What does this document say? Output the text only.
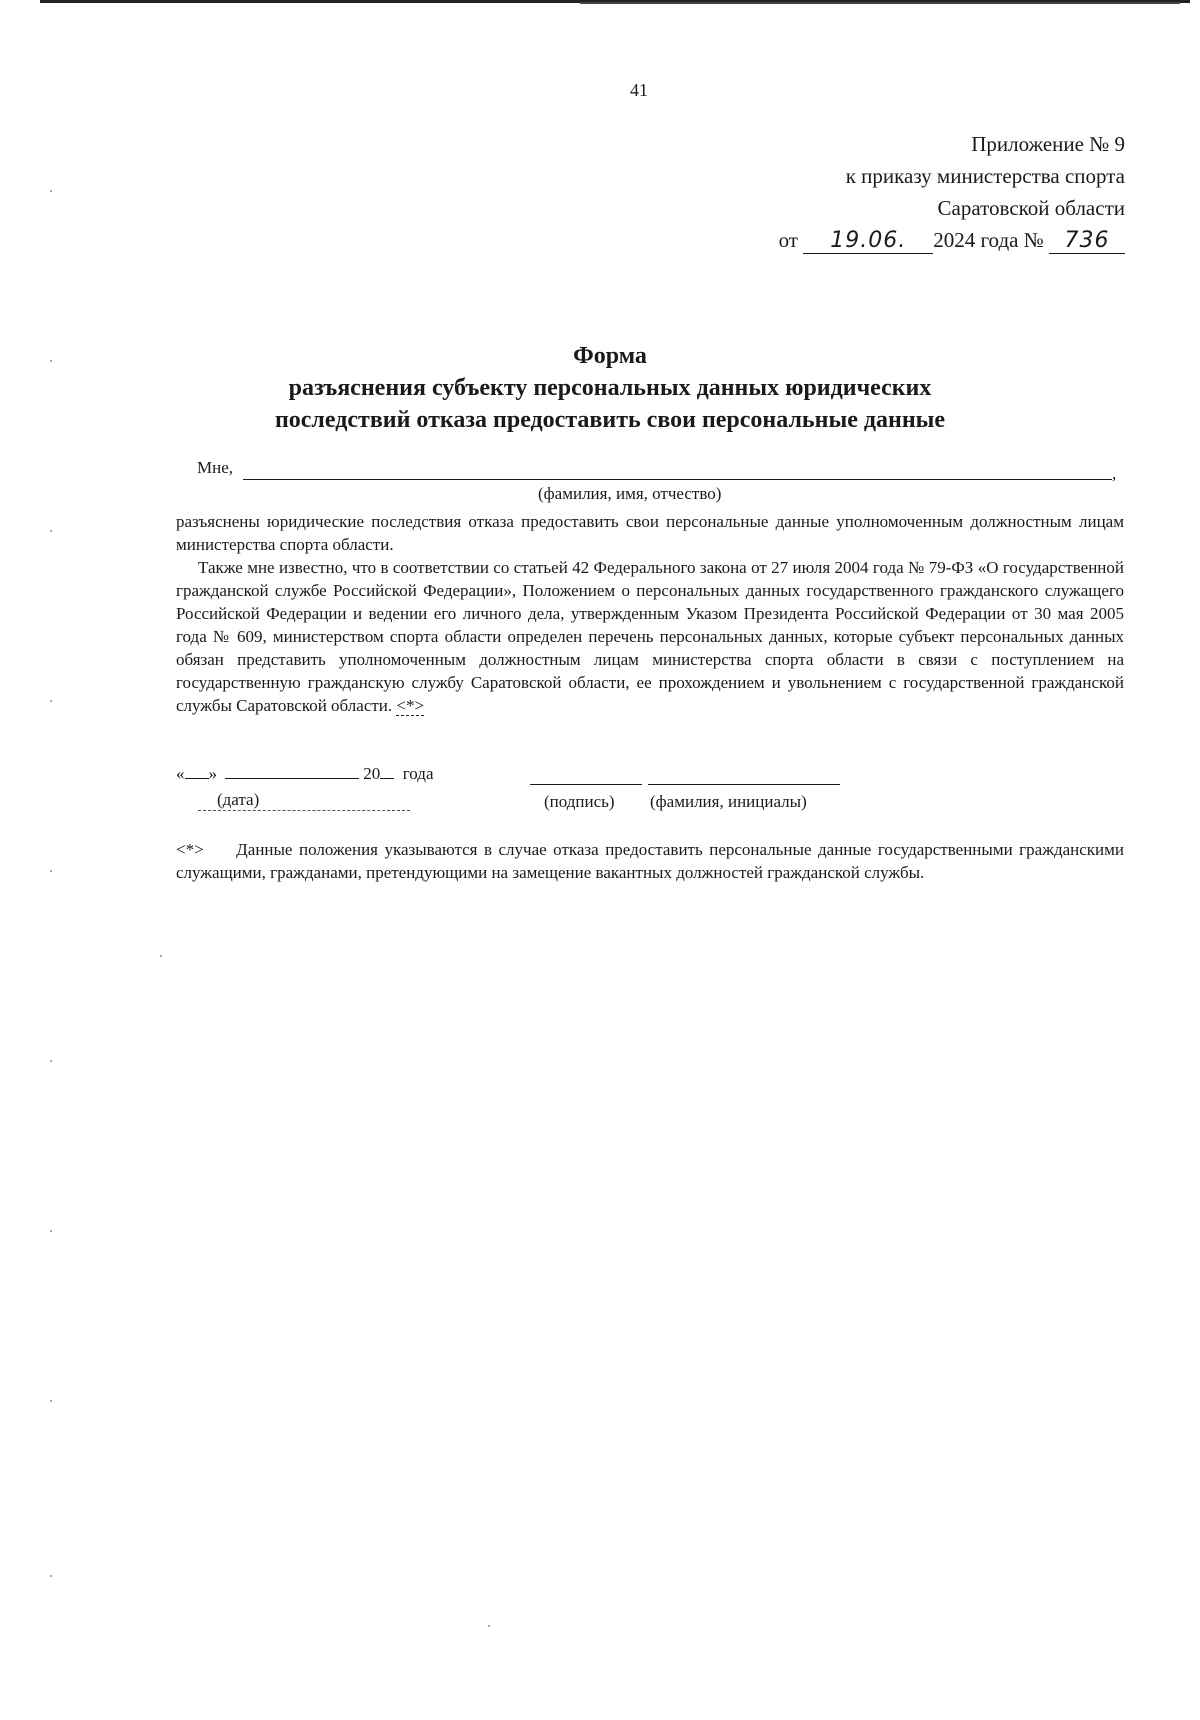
41
Приложение № 9
к приказу министерства спорта
Саратовской области
от 19.06. 2024 года № 736
Форма
разъяснения субъекту персональных данных юридических
последствий отказа предоставить свои персональные данные
Мне,	,
(фамилия, имя, отчество)
разъяснены юридические последствия отказа предоставить свои персональные данные уполномоченным должностным лицам министерства спорта области.
Также мне известно, что в соответствии со статьей 42 Федерального закона от 27 июля 2004 года № 79-ФЗ «О государственной гражданской службе Российской Федерации», Положением о персональных данных государственного гражданского служащего Российской Федерации и ведении его личного дела, утвержденным Указом Президента Российской Федерации от 30 мая 2005 года № 609, министерством спорта области определен перечень персональных данных, которые субъект персональных данных обязан представить уполномоченным должностным лицам министерства спорта области в связи с поступлением на государственную гражданскую службу Саратовской области, ее прохождением и увольнением с государственной гражданской службы Саратовской области. <*>
« »	20 года
(дата)	(подпись) (фамилия, инициалы)
<*> Данные положения указываются в случае отказа предоставить персональные данные государственными гражданскими служащими, гражданами, претендующими на замещение вакантных должностей гражданской службы.
